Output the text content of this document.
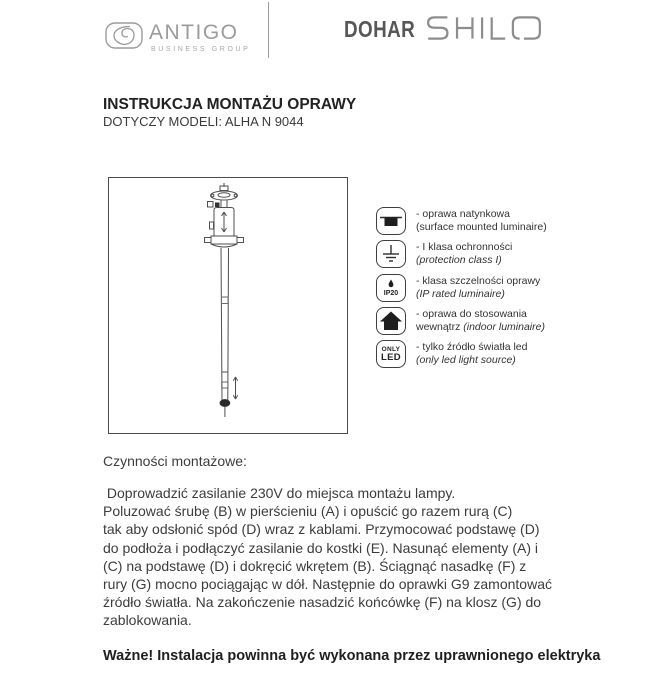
ANTIGO
BUSINESS GROUP
DOHAR
INSTRUKCJA MONTAŻU OPRAWY
DOTYCZY MODELI: ALHA N 9044
- oprawa natynkowa
(surface mounted luminaire)
- I klasa ochronności
(protection class I)
IP20
- klasa szczelności oprawy
(IP rated luminaire)
- oprawa do stosowania
wewnątrz (indoor luminaire)
ONLY
LED
- tylko źródło światła led
(only led light source)
Czynności montażowe:
Doprowadzić zasilanie 230V do miejsca montażu lampy.
Poluzować śrubę (B) w pierścieniu (A) i opuścić go razem rurą (C)
tak aby odsłonić spód (D) wraz z kablami. Przymocować podstawę (D)
do podłoża i podłączyć zasilanie do kostki (E). Nasunąć elementy (A) i
(C) na podstawę (D) i dokręcić wkrętem (B). Ściągnąć nasadkę (F) z
rury (G) mocno pociągając w dół. Następnie do oprawki G9 zamontować
źródło światła. Na zakończenie nasadzić końcówkę (F) na klosz (G) do
zablokowania.
Ważne! Instalacja powinna być wykonana przez uprawnionego elektryka
